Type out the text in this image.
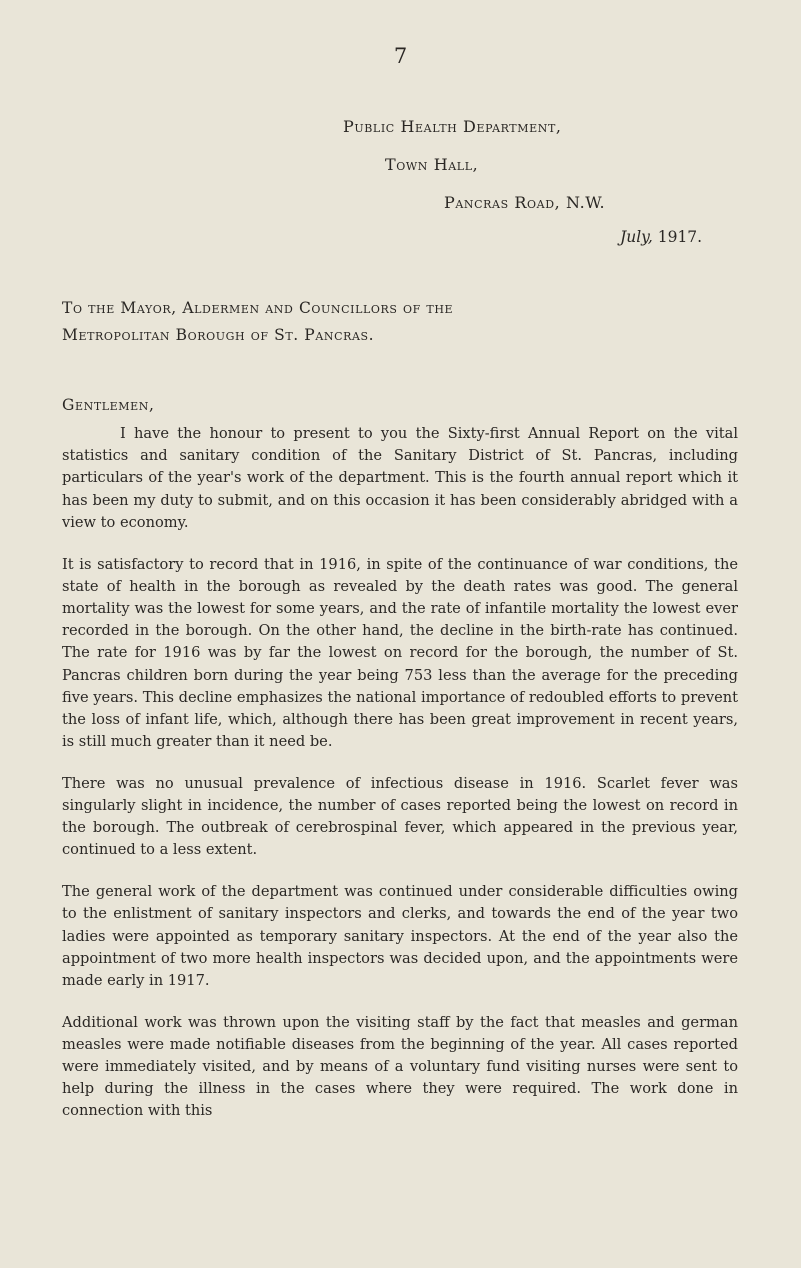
7
Public Health Department,
Town Hall,
Pancras Road, N.W.
July, 1917.
To the Mayor, Aldermen and Councillors of the
Metropolitan Borough of St. Pancras.
Gentlemen,

I have the honour to present to you the Sixty-first Annual Report on the vital statistics and sanitary condition of the Sanitary District of St. Pancras, including particulars of the year's work of the department. This is the fourth annual report which it has been my duty to submit, and on this occasion it has been considerably abridged with a view to economy.

It is satisfactory to record that in 1916, in spite of the continuance of war conditions, the state of health in the borough as revealed by the death rates was good. The general mortality was the lowest for some years, and the rate of infantile mortality the lowest ever recorded in the borough. On the other hand, the decline in the birth-rate has continued. The rate for 1916 was by far the lowest on record for the borough, the number of St. Pancras children born during the year being 753 less than the average for the preceding five years. This decline emphasizes the national importance of redoubled efforts to prevent the loss of infant life, which, although there has been great improvement in recent years, is still much greater than it need be.

There was no unusual prevalence of infectious disease in 1916. Scarlet fever was singularly slight in incidence, the number of cases reported being the lowest on record in the borough. The outbreak of cerebrospinal fever, which appeared in the previous year, continued to a less extent.

The general work of the department was continued under considerable difficulties owing to the enlistment of sanitary inspectors and clerks, and towards the end of the year two ladies were appointed as temporary sanitary inspectors. At the end of the year also the appointment of two more health inspectors was decided upon, and the appointments were made early in 1917.

Additional work was thrown upon the visiting staff by the fact that measles and german measles were made notifiable diseases from the beginning of the year. All cases reported were immediately visited, and by means of a voluntary fund visiting nurses were sent to help during the illness in the cases where they were required. The work done in connection with this
